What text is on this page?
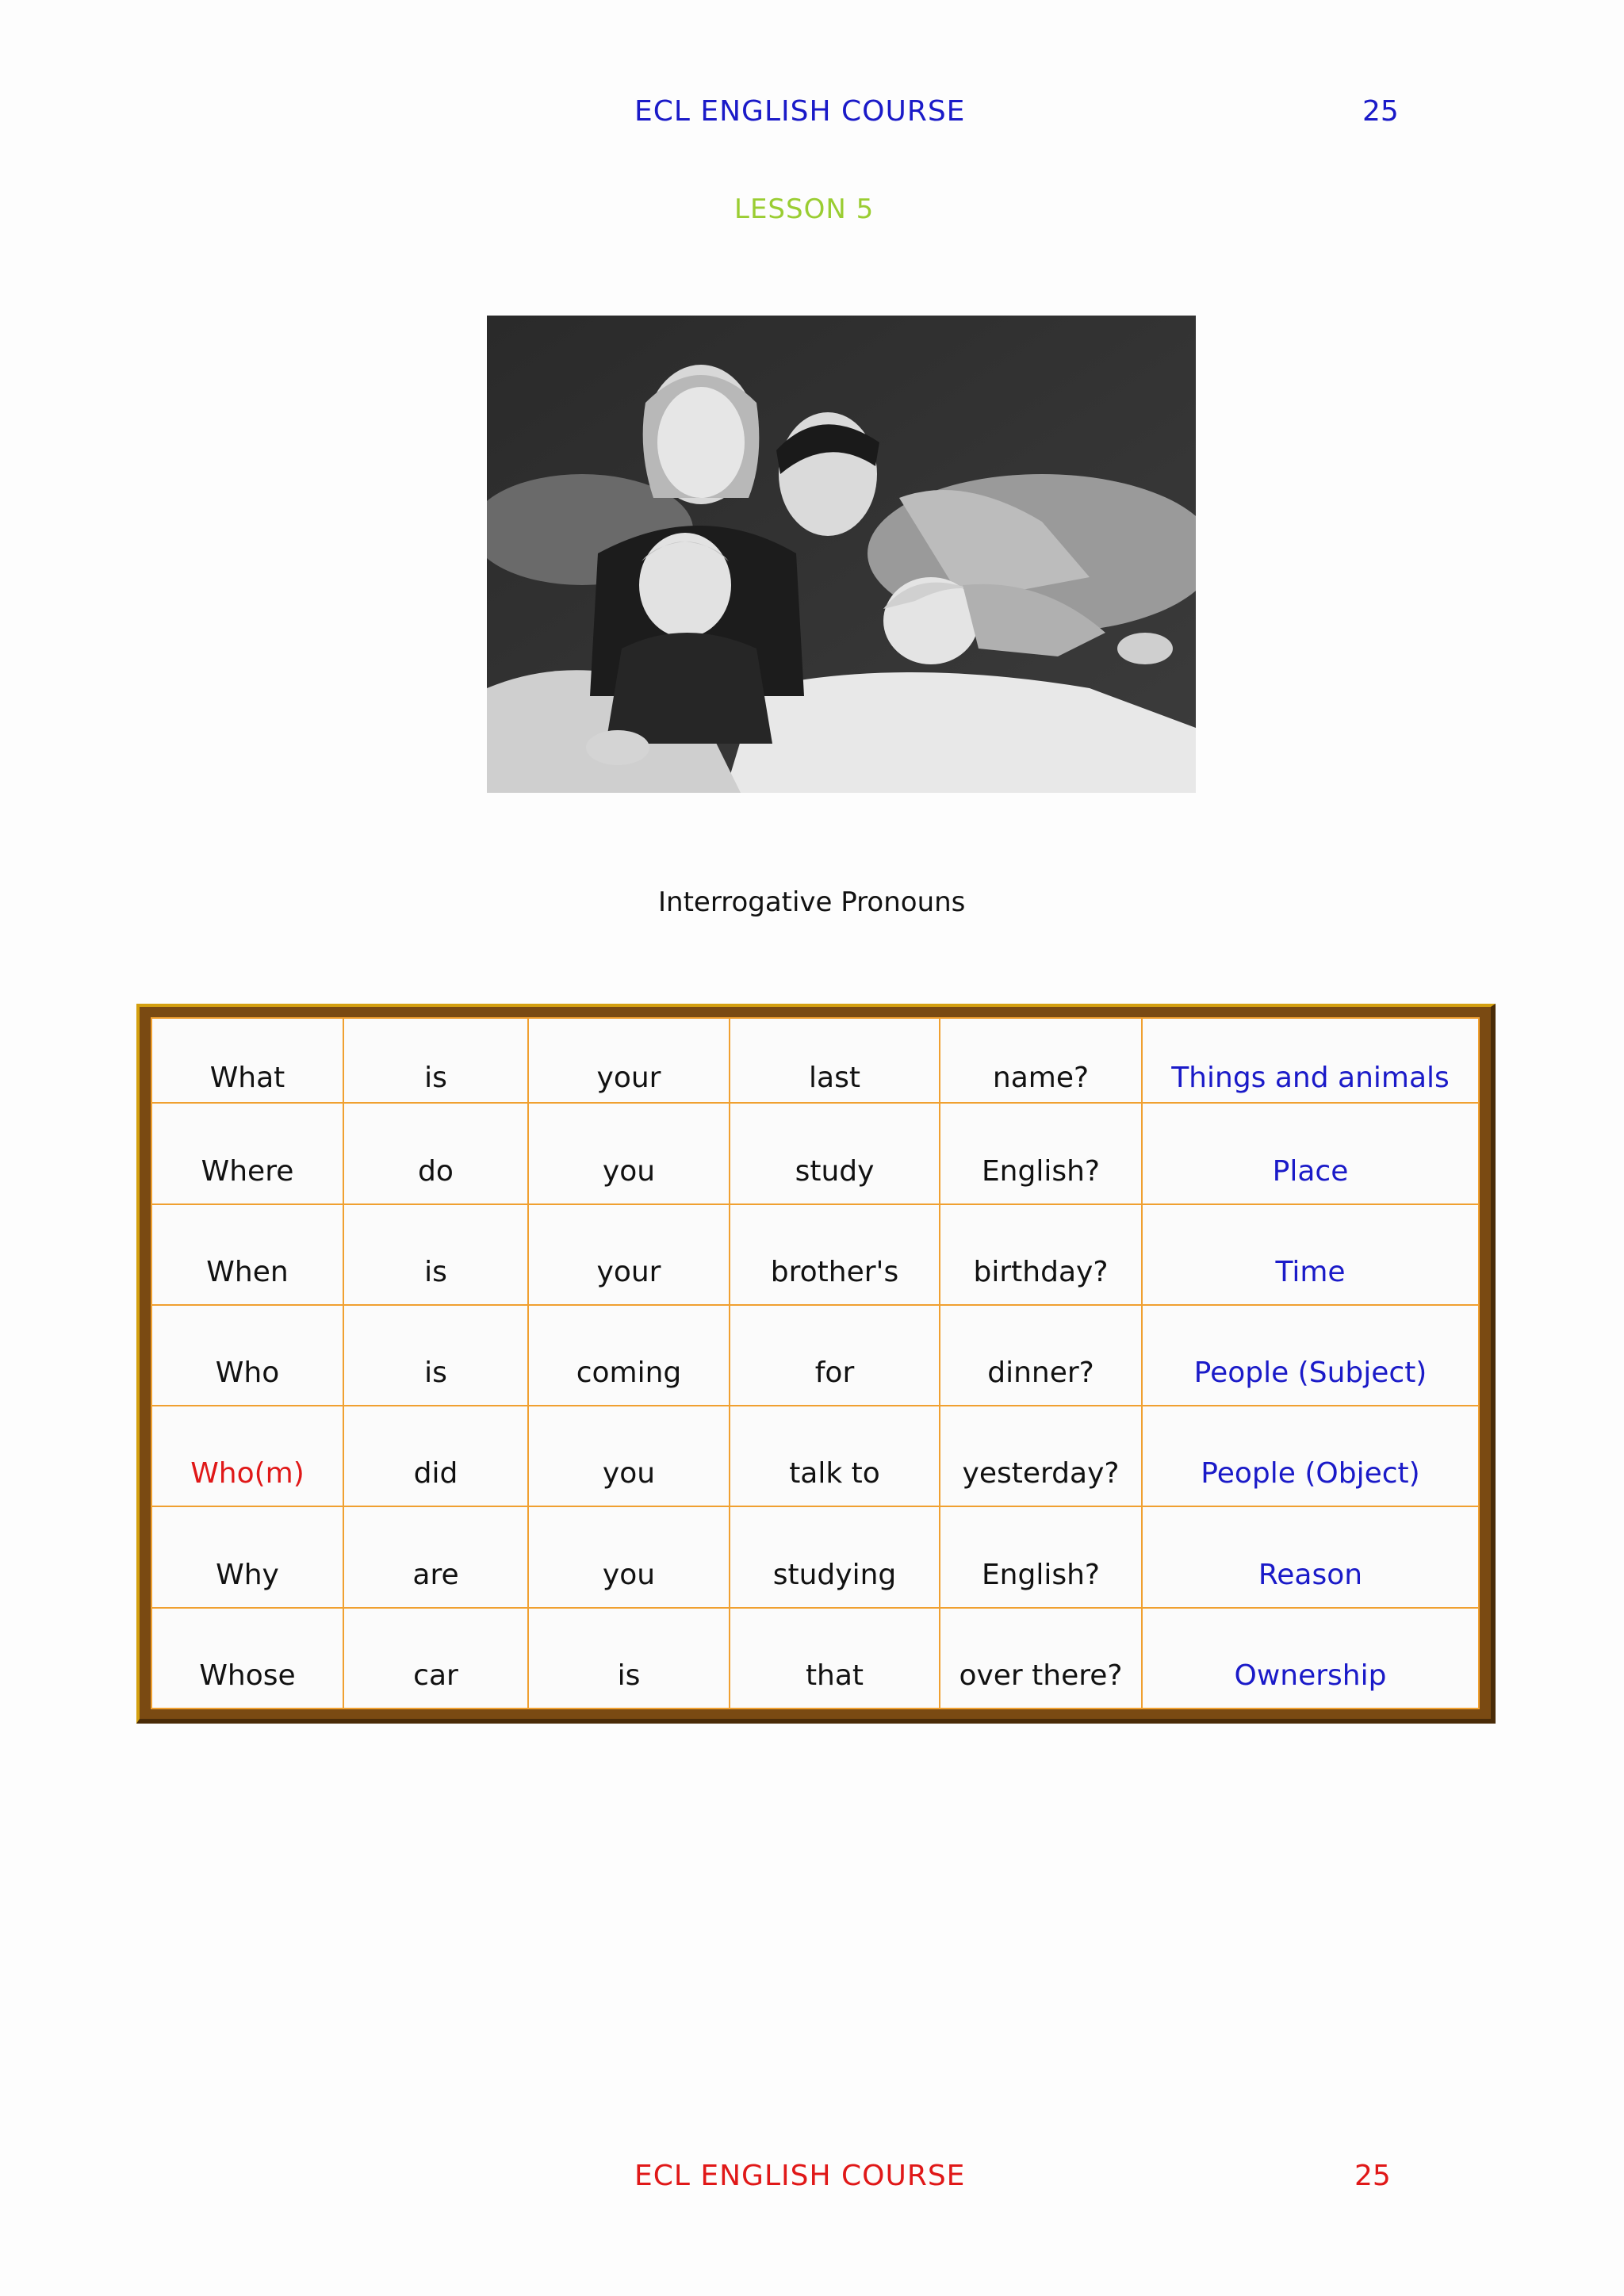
ECL ENGLISH COURSE	25
LESSON 5
Interrogative Pronouns
What	is	your	last	name?	Things and animals
Where	do	you	study	English?	Place
When	is	your	brother's	birthday?	Time
Who	is	coming	for	dinner?	People (Subject)
Who(m)	did	you	talk to	yesterday?	People (Object)
Why	are	you	studying	English?	Reason
Whose	car	is	that	over there?	Ownership
ECL ENGLISH COURSE	25
